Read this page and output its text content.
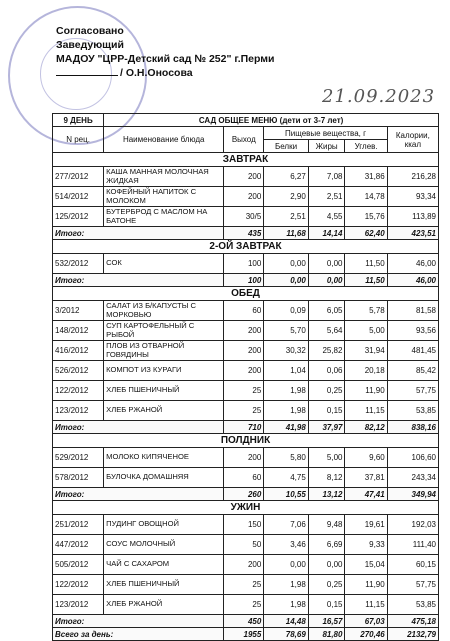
Согласовано
Заведующий
МАДОУ "ЦРР-Детский сад № 252" г.Перми
/ О.Н.Оносова
21.09.2023
9 ДЕНЬ	САД ОБЩЕЕ МЕНЮ (дети от 3-7 лет)					
N рец.	Наименование блюда	Выход	Пищевые вещества, г			Калории, ккал
			Белки	Жиры	Углев.	
ЗАВТРАК						
277/2012	КАША МАННАЯ МОЛОЧНАЯ ЖИДКАЯ	200	6,27	7,08	31,86	216,28
514/2012	КОФЕЙНЫЙ НАПИТОК С МОЛОКОМ	200	2,90	2,51	14,78	93,34
125/2012	БУТЕРБРОД С МАСЛОМ НА БАТОНЕ	30/5	2,51	4,55	15,76	113,89
Итого:		435	11,68	14,14	62,40	423,51
2-ОЙ ЗАВТРАК						
532/2012	СОК	100	0,00	0,00	11,50	46,00
Итого:		100	0,00	0,00	11,50	46,00
ОБЕД						
3/2012	САЛАТ ИЗ Б/КАПУСТЫ С МОРКОВЬЮ	60	0,09	6,05	5,78	81,58
148/2012	СУП КАРТОФЕЛЬНЫЙ С РЫБОЙ	200	5,70	5,64	5,00	93,56
416/2012	ПЛОВ ИЗ ОТВАРНОЙ ГОВЯДИНЫ	200	30,32	25,82	31,94	481,45
526/2012	КОМПОТ ИЗ КУРАГИ	200	1,04	0,06	20,18	85,42
122/2012	ХЛЕБ ПШЕНИЧНЫЙ	25	1,98	0,25	11,90	57,75
123/2012	ХЛЕБ РЖАНОЙ	25	1,98	0,15	11,15	53,85
Итого:		710	41,98	37,97	82,12	838,16
ПОЛДНИК						
529/2012	МОЛОКО КИПЯЧЕНОЕ	200	5,80	5,00	9,60	106,60
578/2012	БУЛОЧКА ДОМАШНЯЯ	60	4,75	8,12	37,81	243,34
Итого:		260	10,55	13,12	47,41	349,94
УЖИН						
251/2012	ПУДИНГ ОВОЩНОЙ	150	7,06	9,48	19,61	192,03
447/2012	СОУС МОЛОЧНЫЙ	50	3,46	6,69	9,33	111,40
505/2012	ЧАЙ С САХАРОМ	200	0,00	0,00	15,04	60,15
122/2012	ХЛЕБ ПШЕНИЧНЫЙ	25	1,98	0,25	11,90	57,75
123/2012	ХЛЕБ РЖАНОЙ	25	1,98	0,15	11,15	53,85
Итого:		450	14,48	16,57	67,03	475,18
Всего за день:		1955	78,69	81,80	270,46	2132,79
